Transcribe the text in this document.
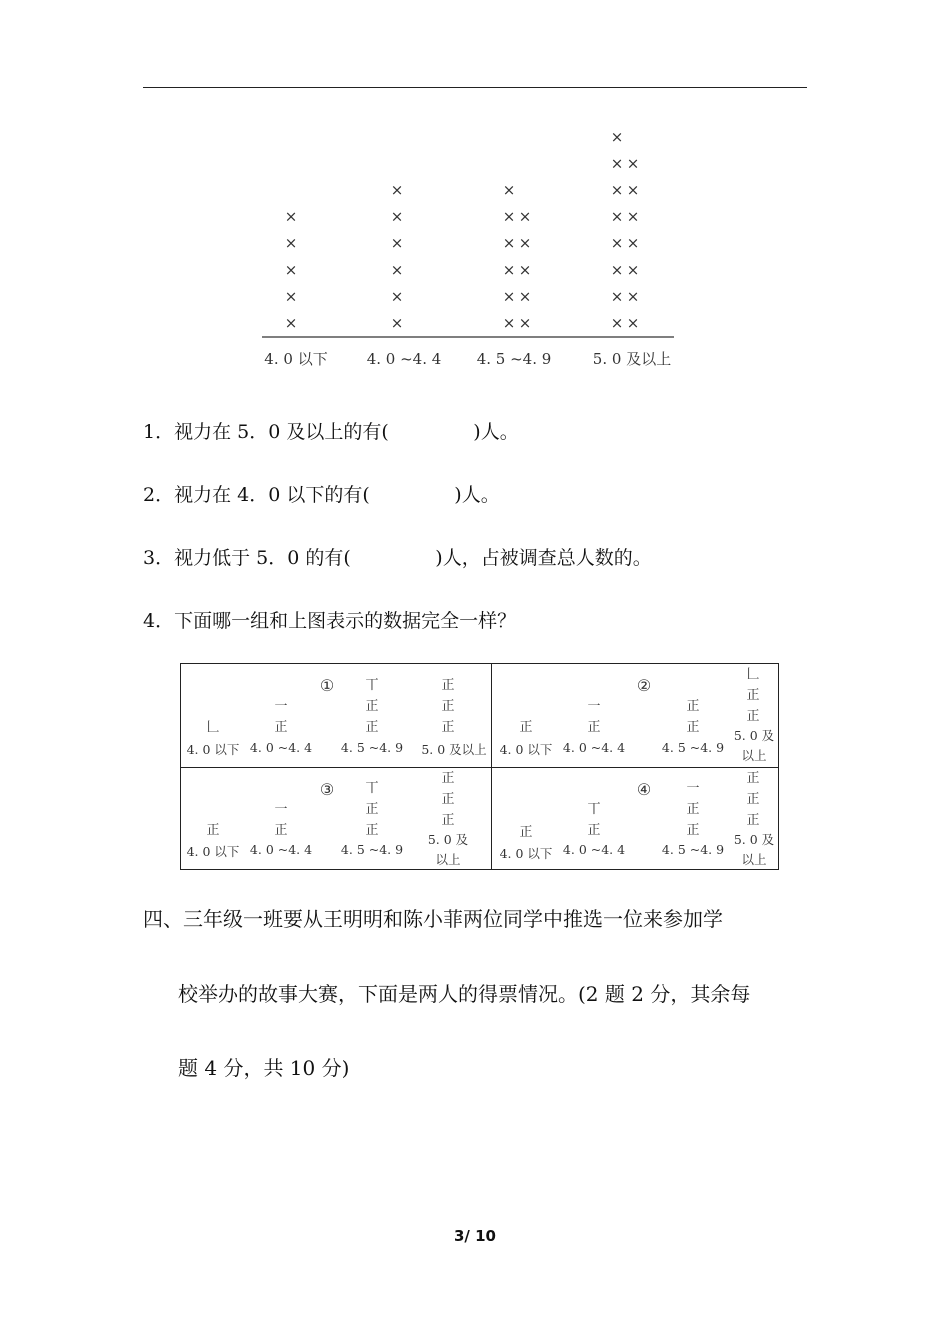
×
×
×
×
×
4. 0 以下
×
×
×
×
×
×
4. 0 ~4. 4
× ×
× ×
× ×
× ×
× ×
×
4. 5 ~4. 9
× ×
× ×
× ×
× ×
× ×
× ×
× ×
×
5. 0 及以上
1．视力在 5．0 及以上的有(              )人。
2．视力在 4．0 以下的有(              )人。
3．视力低于 5．0 的有(              )人，占被调查总人数的。
4．下面哪一组和上图表示的数据完全一样？
①
𠃊
一
正
丅
正
正
正
正
正
4. 0 以下 4. 0 ~4. 4 4. 5 ~4. 9 5. 0 及以上
②
正
一
正
正
正
𠃊
正
正
4. 0 以下 4. 0 ~4. 4	4. 5 ~4. 9
5. 0 及
以上
③
正
一
正
丅
正
正
正
正
正
4. 0 以下 4. 0 ~4. 4 4. 5 ~4. 9
5. 0 及
以上
④
正
丅
正
一
正
正
正
正
正
4. 0 以下 4. 0 ~4. 4	4. 5 ~4. 9
5. 0 及
以上
四、三年级一班要从王明明和陈小菲两位同学中推选一位来参加学
校举办的故事大赛，下面是两人的得票情况。(2 题 2 分，其余每
题 4 分，共 10 分)
3/ 10
